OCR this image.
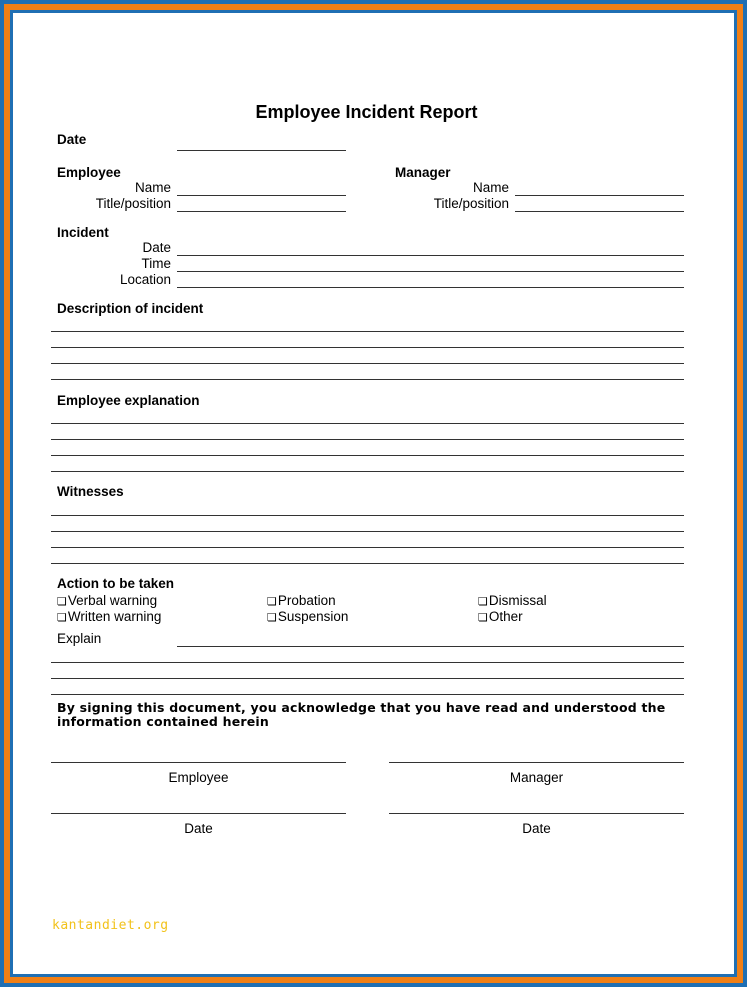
Employee Incident Report
Date
Employee
Name
Title/position
Manager
Name
Title/position
Incident
Date
Time
Location
Description of incident
Employee explanation
Witnesses
Action to be taken
❏ Verbal warning
❏ Written warning
❏ Probation
❏ Suspension
❏ Dismissal
❏ Other
Explain
By signing this document, you acknowledge that you have read and understood the
information contained herein
Employee	Manager
Date	Date
kantandiet.org
